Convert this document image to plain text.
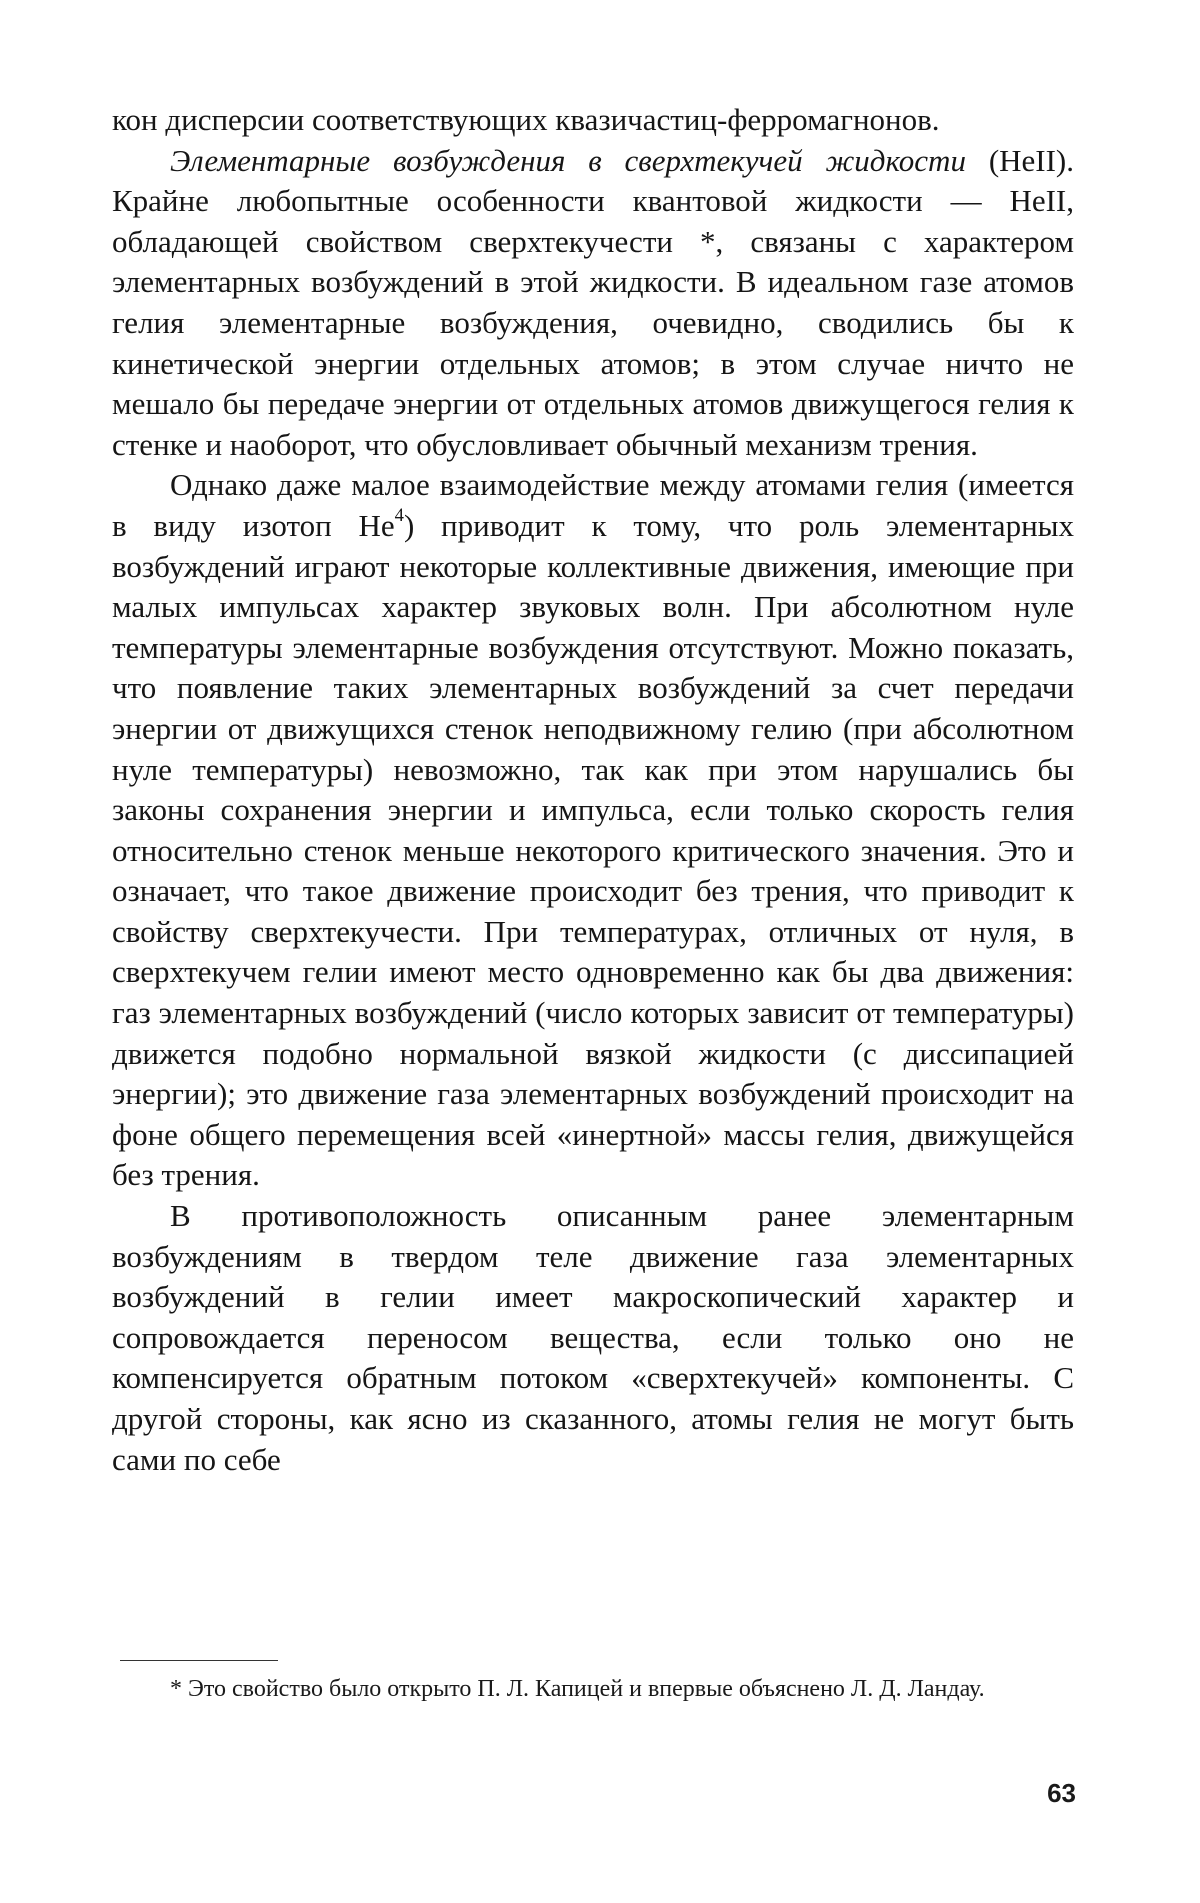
кон дисперсии соответствующих квазичастиц-ферромагнонов.

Элементарные возбуждения в сверхтекучей жидкости (HeII). Крайне любопытные особенности квантовой жидкости — HeII, обладающей свойством сверхтекучести *, связаны с характером элементарных возбуждений в этой жидкости. В идеальном газе атомов гелия элементарные возбуждения, очевидно, сводились бы к кинетической энергии отдельных атомов; в этом случае ничто не мешало бы передаче энергии от отдельных атомов движущегося гелия к стенке и наоборот, что обусловливает обычный механизм трения.

Однако даже малое взаимодействие между атомами гелия (имеется в виду изотоп He$^4$) приводит к тому, что роль элементарных возбуждений играют некоторые коллективные движения, имеющие при малых импульсах характер звуковых волн. При абсолютном нуле температуры элементарные возбуждения отсутствуют. Можно показать, что появление таких элементарных возбуждений за счет передачи энергии от движущихся стенок неподвижному гелию (при абсолютном нуле температуры) невозможно, так как при этом нарушались бы законы сохранения энергии и импульса, если только скорость гелия относительно стенок меньше некоторого критического значения. Это и означает, что такое движение происходит без трения, что приводит к свойству сверхтекучести. При температурах, отличных от нуля, в сверхтекучем гелии имеют место одновременно как бы два движения: газ элементарных возбуждений (число которых зависит от температуры) движется подобно нормальной вязкой жидкости (с диссипацией энергии); это движение газа элементарных возбуждений происходит на фоне общего перемещения всей «инертной» массы гелия, движущейся без трения.

В противоположность описанным ранее элементарным возбуждениям в твердом теле движение газа элементарных возбуждений в гелии имеет макроскопический характер и сопровождается переносом вещества, если только оно не компенсируется обратным потоком «сверхтекучей» компоненты. С другой стороны, как ясно из сказанного, атомы гелия не могут быть сами по себе

* Это свойство было открыто П. Л. Капицей и впервые объяснено Л. Д. Ландау.
63
